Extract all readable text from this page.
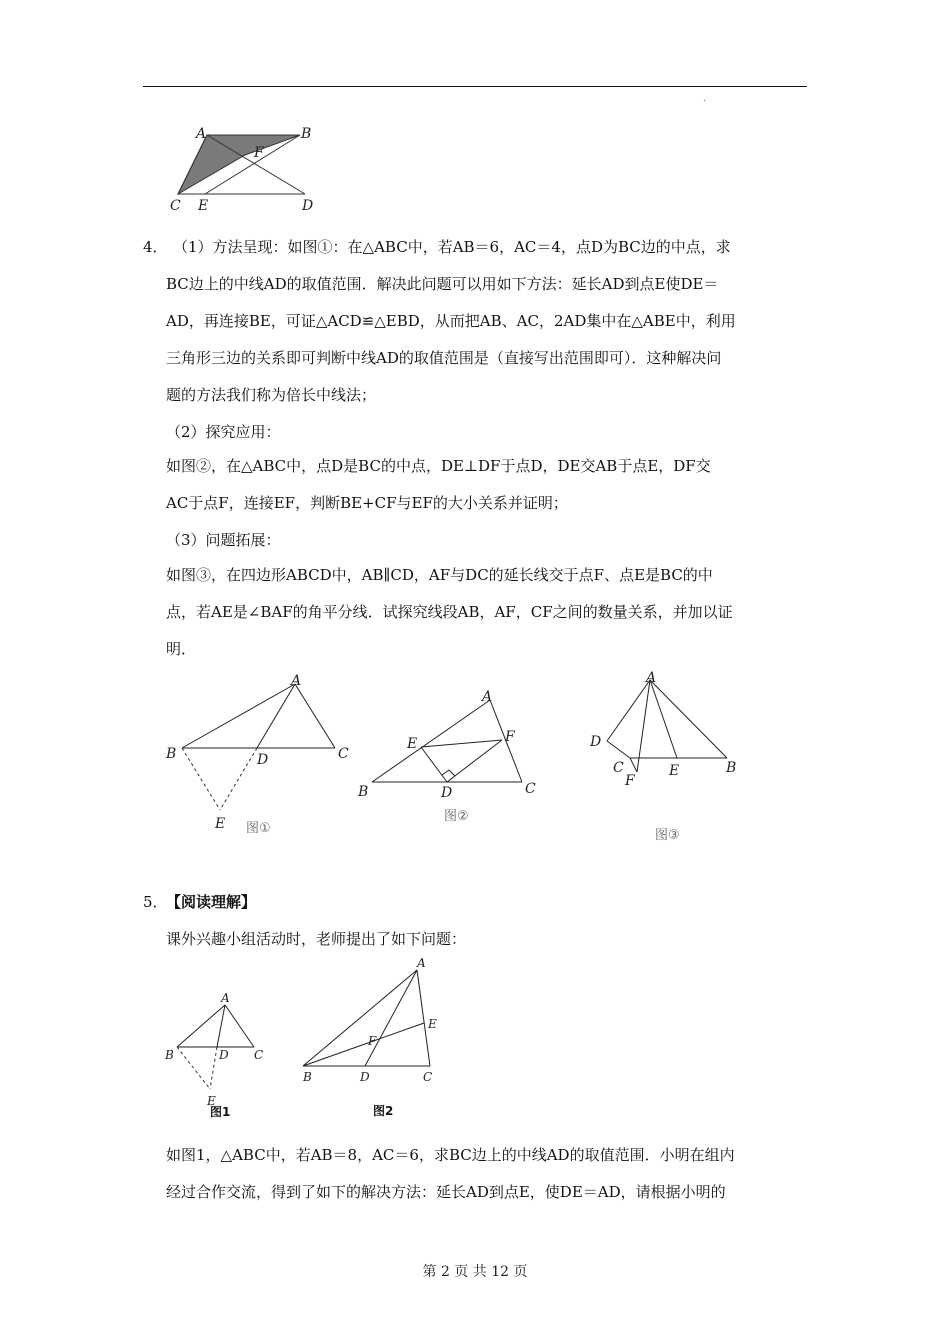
·
A	B
F
C E	D
4． （1）方法呈现：如图①：在△ABC中，若AB＝6，AC＝4，点D为BC边的中点，求
BC边上的中线AD的取值范围．解决此问题可以用如下方法：延长AD到点E使DE＝
AD，再连接BE，可证△ACD≌△EBD，从而把AB、AC，2AD集中在△ABE中，利用
三角形三边的关系即可判断中线AD的取值范围是（直接写出范围即可）．这种解决问
题的方法我们称为倍长中线法；
（2）探究应用：
如图②，在△ABC中，点D是BC的中点，DE⊥DF于点D，DE交AB于点E，DF交
AC于点F，连接EF，判断BE+CF与EF的大小关系并证明；
（3）问题拓展：
如图③，在四边形ABCD中，AB∥CD，AF与DC的延长线交于点F、点E是BC的中
点，若AE是∠BAF的角平分线．试探究线段AB，AF，CF之间的数量关系，并加以证
明．
A
B	C
D
E 图①
A
B	C
D
E	F
图②
A
D
C
F
E	B
图③
5．
【阅读理解】
课外兴趣小组活动时，老师提出了如下问题：
A
B	C
D
E
图1
A
B	C
D
E
F
图2
如图1，△ABC中，若AB＝8，AC＝6，求BC边上的中线AD的取值范围．小明在组内
经过合作交流，得到了如下的解决方法：延长AD到点E，使DE＝AD，请根据小明的
第 2 页 共 12 页
